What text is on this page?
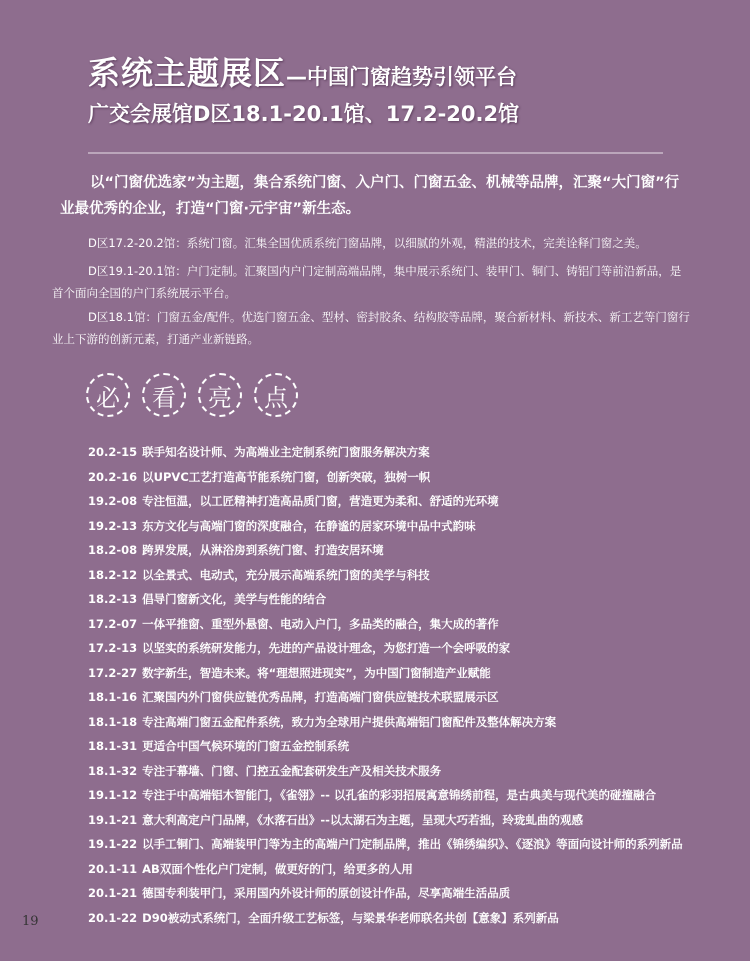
系统主题展区—中国门窗趋势引领平台
广交会展馆D区18.1-20.1馆、17.2-20.2馆

以“门窗优选家”为主题，集合系统门窗、入户门、门窗五金、机械等品牌，汇聚“大门窗”行业最优秀的企业，打造“门窗·元宇宙”新生态。

D区17.2-20.2馆：系统门窗。汇集全国优质系统门窗品牌，以细腻的外观，精湛的技术，完美诠释门窗之美。

D区19.1-20.1馆：户门定制。汇聚国内户门定制高端品牌，集中展示系统门、装甲门、铜门、铸铝门等前沿新品，是首个面向全国的户门系统展示平台。

D区18.1馆：门窗五金/配件。优选门窗五金、型材、密封胶条、结构胶等品牌，聚合新材料、新技术、新工艺等门窗行业上下游的创新元素，打通产业新链路。

必	看	亮	点
20.2-15 联手知名设计师、为高端业主定制系统门窗服务解决方案
20.2-16 以UPVC工艺打造高节能系统门窗，创新突破，独树一帜
19.2-08 专注恒温，以工匠精神打造高品质门窗，营造更为柔和、舒适的光环境
19.2-13 东方文化与高端门窗的深度融合，在静谧的居家环境中品中式韵味
18.2-08 跨界发展，从淋浴房到系统门窗、打造安居环境
18.2-12 以全景式、电动式，充分展示高端系统门窗的美学与科技
18.2-13 倡导门窗新文化，美学与性能的结合
17.2-07 一体平推窗、重型外悬窗、电动入户门，多品类的融合，集大成的著作
17.2-13 以坚实的系统研发能力，先进的产品设计理念，为您打造一个会呼吸的家
17.2-27 数字新生，智造未来。将“理想照进现实”，为中国门窗制造产业赋能
18.1-16 汇聚国内外门窗供应链优秀品牌，打造高端门窗供应链技术联盟展示区
18.1-18 专注高端门窗五金配件系统，致力为全球用户提供高端铝门窗配件及整体解决方案
18.1-31 更适合中国气候环境的门窗五金控制系统
18.1-32 专注于幕墙、门窗、门控五金配套研发生产及相关技术服务
19.1-12 专注于中高端铝木智能门，《雀翎》-- 以孔雀的彩羽招展寓意锦绣前程，是古典美与现代美的碰撞融合
19.1-21 意大利高定户门品牌，《水落石出》--以太湖石为主题，呈现大巧若拙，玲珑虬曲的观感
19.1-22 以手工铜门、高端装甲门等为主的高端户门定制品牌，推出《锦绣编织》、《逐浪》等面向设计师的系列新品
20.1-11 AB双面个性化户门定制，做更好的门，给更多的人用
20.1-21 德国专利装甲门，采用国内外设计师的原创设计作品，尽享高端生活品质
20.1-22 D90被动式系统门，全面升级工艺标签，与梁景华老师联名共创【意象】系列新品
19
